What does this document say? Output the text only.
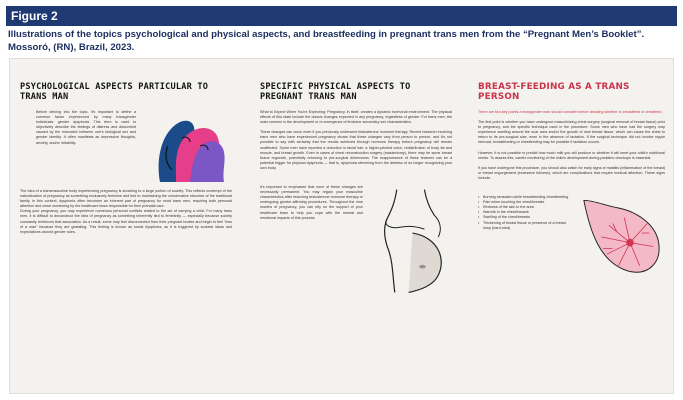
Figure 2
Illustrations of the topics psychological and physical aspects, and breastfeeding in pregnant trans men from the “Pregnant Men’s Booklet”. Mossoró, (RN), Brazil, 2023.
PSYCHOLOGICAL ASPECTS PARTICULAR TO TRANS MAN
Before delving into the topic, it's important to define a common factor experienced by many transgender individuals: gender dysphoria. This term is used to objectively describe the feelings of distress and discomfort caused by the mismatch between one's biological sex and gender identity. It often manifests as depressive thoughts, anxiety, and/or irritability.
The idea of a transmasculine body experiencing pregnancy is shocking to a large portion of society. This reflects contempt of the naturalization of pregnancy as something exclusively feminine and tied to maintaining the conservative structure of the traditional family. In this context, dysphoria often becomes an inherent part of pregnancy for most trans men, requiring both personal attention and close monitoring by the healthcare team responsible for their prenatal care.
During your pregnancy, you may experience numerous personal conflicts related to the act of carrying a child. For many trans men, it is difficult to deconstruct the idea of pregnancy as something inherently tied to femininity — especially because society constantly reinforces that association. As a result, some may feel disconnected from their pregnant bodies and begin to feel "less of a man" because they are gestating. This feeling is known as social dysphoria, as it is triggered by societal ideas and expectations around gender roles.
SPECIFIC PHYSICAL ASPECTS TO PREGNANT TRANS MAN
What to Expect When You're Expecting: Pregnancy, in itself, creates a dynamic hormonal environment. The physical effects of this state include the classic changes expected in any pregnancy, regardless of gender. For trans men, the main concern is the development or re-emergence of feminine secondary sex characteristics.
These changes can occur even if you previously underwent testosterone hormone therapy. Recent research involving trans men who have experienced pregnancy shows that these changes vary from person to person, and it's not possible to say with certainty that the results achieved through hormone therapy before pregnancy will remain unaffected. Some men have reported a reduction in facial hair, a higher-pitched voice, redistribution of body fat and muscle, and breast growth. Even in cases of chest reconstruction surgery (mastectomy), there may be some breast tissue regrowth, potentially returning to pre-surgical dimensions. The reappearance of these features can be a potential trigger for physical dysphoria — that is, dysphoria stemming from the distress of no longer recognizing your own body.
It's important to emphasize that none of these changes are necessarily permanent. You may regain your masculine characteristics after resuming testosterone hormone therapy or undergoing gender-affirming procedures. Throughout the nine months of pregnancy, you can rely on the support of your healthcare team to help you cope with the mental and emotional impacts of this process.
BREAST-FEEDING AS A TRANS PERSON
There are two key points a transgender man should consider before deciding whether to breastfeed or chestfeed.
The first point is whether you have undergone masculinizing chest surgery (surgical removal of breast tissue) prior to pregnancy, and the specific technique used in the procedure. Some men who have had the surgery may experience swelling around the scar area and/or the growth of new breast tissue, which can cause the chest to return to its pre-surgical size, even in the absence of lactation. If the surgical technique did not involve nipple removal, breastfeeding or chestfeeding may be possible if lactation occurs.
However, it is not possible to predict how much milk you will produce or whether it will meet your child's nutritional needs. To assess this, careful monitoring of the child's development during pediatric checkups is essential.
If you have undergone this procedure, you should also watch for early signs of mastitis (inflammation of the breast) or breast engorgement (excessive fullness), which are complications that require medical attention. These signs include:
• Burning sensation while breastfeeding /chestfeeding
• Pain when touching the chest/breasts
• Redness of the skin in the area
• Warmth in the chest/breasts
• Swelling of the chest/breasts
• Thickening of breast tissue or presence of a breast lump (hard area)
